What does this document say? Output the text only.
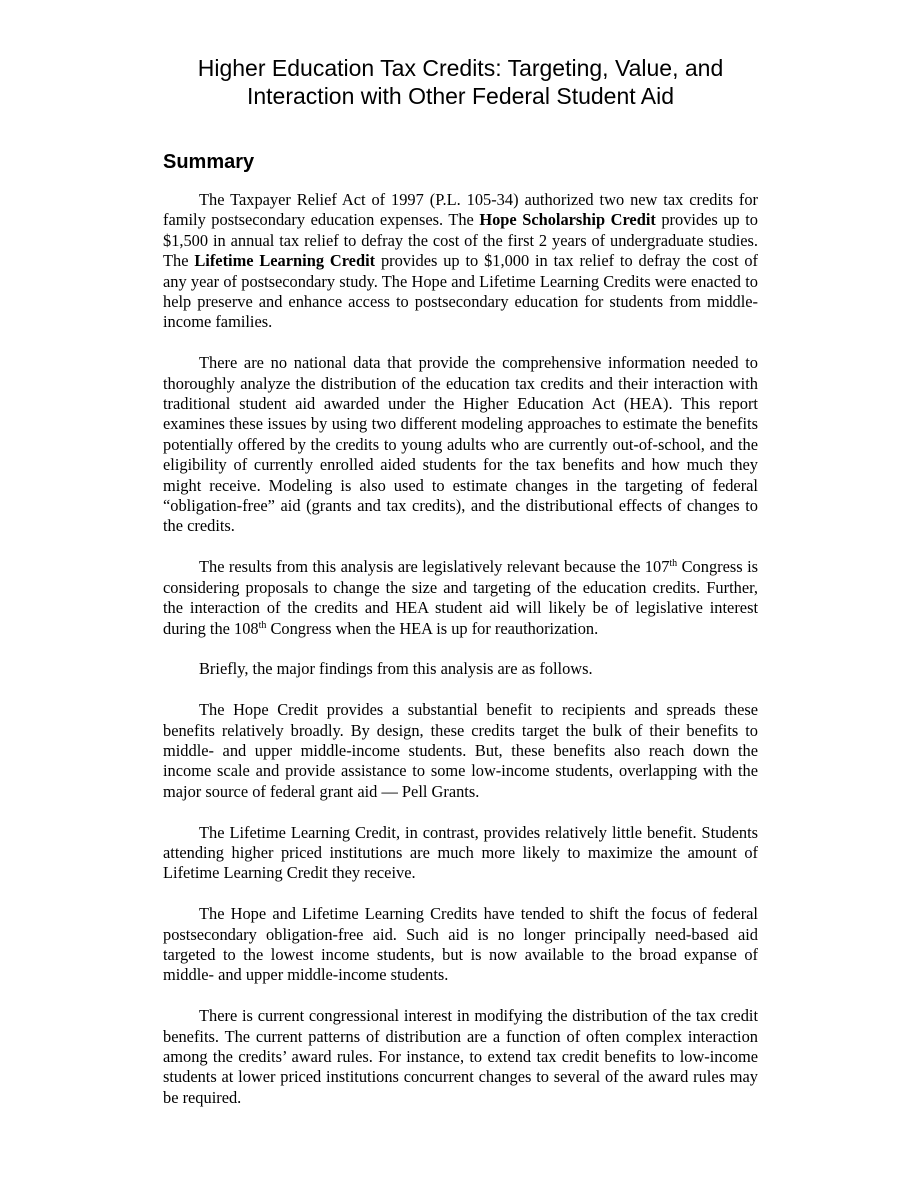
Higher Education Tax Credits: Targeting, Value, and
Interaction with Other Federal Student Aid
Summary

The Taxpayer Relief Act of 1997 (P.L. 105-34) authorized two new tax credits for family postsecondary education expenses. The Hope Scholarship Credit provides up to $1,500 in annual tax relief to defray the cost of the first 2 years of undergraduate studies. The Lifetime Learning Credit provides up to $1,000 in tax relief to defray the cost of any year of postsecondary study. The Hope and Lifetime Learning Credits were enacted to help preserve and enhance access to postsecondary education for students from middle-income families.

There are no national data that provide the comprehensive information needed to thoroughly analyze the distribution of the education tax credits and their interaction with traditional student aid awarded under the Higher Education Act (HEA). This report examines these issues by using two different modeling approaches to estimate the benefits potentially offered by the credits to young adults who are currently out-of-school, and the eligibility of currently enrolled aided students for the tax benefits and how much they might receive. Modeling is also used to estimate changes in the targeting of federal “obligation-free” aid (grants and tax credits), and the distributional effects of changes to the credits.

The results from this analysis are legislatively relevant because the 107th Congress is considering proposals to change the size and targeting of the education credits. Further, the interaction of the credits and HEA student aid will likely be of legislative interest during the 108th Congress when the HEA is up for reauthorization.

Briefly, the major findings from this analysis are as follows.

The Hope Credit provides a substantial benefit to recipients and spreads these benefits relatively broadly. By design, these credits target the bulk of their benefits to middle- and upper middle-income students. But, these benefits also reach down the income scale and provide assistance to some low-income students, overlapping with the major source of federal grant aid — Pell Grants.

The Lifetime Learning Credit, in contrast, provides relatively little benefit. Students attending higher priced institutions are much more likely to maximize the amount of Lifetime Learning Credit they receive.

The Hope and Lifetime Learning Credits have tended to shift the focus of federal postsecondary obligation-free aid. Such aid is no longer principally need-based aid targeted to the lowest income students, but is now available to the broad expanse of middle- and upper middle-income students.

There is current congressional interest in modifying the distribution of the tax credit benefits. The current patterns of distribution are a function of often complex interaction among the credits’ award rules. For instance, to extend tax credit benefits to low-income students at lower priced institutions concurrent changes to several of the award rules may be required.
